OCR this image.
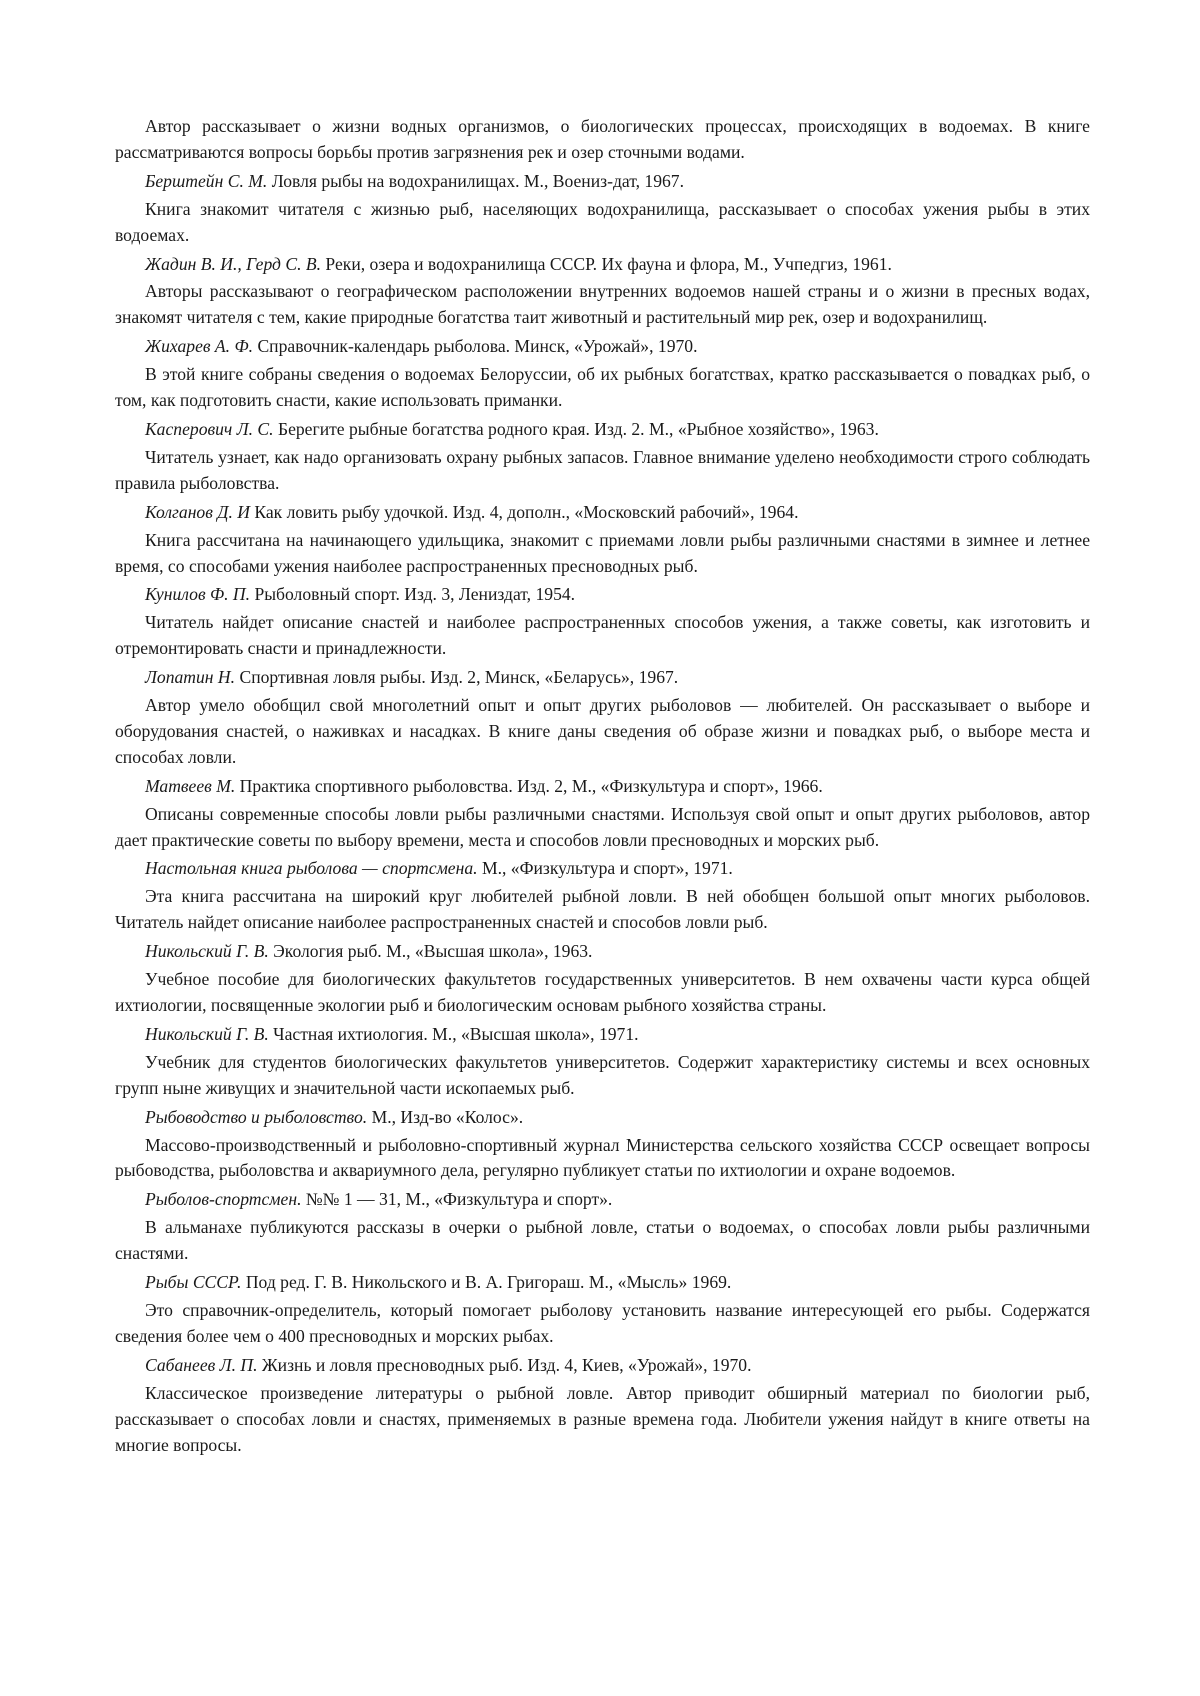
Автор рассказывает о жизни водных организмов, о биологических процессах, происходящих в водоемах. В книге рассматриваются вопросы борьбы против загрязнения рек и озер сточными водами.

Берштейн С. М. Ловля рыбы на водохранилищах. М., Воениз-дат, 1967.

Книга знакомит читателя с жизнью рыб, населяющих водохранилища, рассказывает о способах ужения рыбы в этих водоемах.

Жадин В. И., Герд С. В. Реки, озера и водохранилища СССР. Их фауна и флора, М., Учпедгиз, 1961.

Авторы рассказывают о географическом расположении внутренних водоемов нашей страны и о жизни в пресных водах, знакомят читателя с тем, какие природные богатства таит животный и растительный мир рек, озер и водохранилищ.

Жихарев А. Ф. Справочник-календарь рыболова. Минск, «Урожай», 1970.

В этой книге собраны сведения о водоемах Белоруссии, об их рыбных богатствах, кратко рассказывается о повадках рыб, о том, как подготовить снасти, какие использовать приманки.

Касперович Л. С. Берегите рыбные богатства родного края. Изд. 2. М., «Рыбное хозяйство», 1963.

Читатель узнает, как надо организовать охрану рыбных запасов. Главное внимание уделено необходимости строго соблюдать правила рыболовства.

Колганов Д. И Как ловить рыбу удочкой. Изд. 4, дополн., «Московский рабочий», 1964.

Книга рассчитана на начинающего удильщика, знакомит с приемами ловли рыбы различными снастями в зимнее и летнее время, со способами ужения наиболее распространенных пресноводных рыб.

Кунилов Ф. П. Рыболовный спорт. Изд. 3, Лениздат, 1954.

Читатель найдет описание снастей и наиболее распространенных способов ужения, а также советы, как изготовить и отремонтировать снасти и принадлежности.

Лопатин Н. Спортивная ловля рыбы. Изд. 2, Минск, «Беларусь», 1967.

Автор умело обобщил свой многолетний опыт и опыт других рыболовов — любителей. Он рассказывает о выборе и оборудования снастей, о наживках и насадках. В книге даны сведения об образе жизни и повадках рыб, о выборе места и способах ловли.

Матвеев М. Практика спортивного рыболовства. Изд. 2, М., «Физкультура и спорт», 1966.

Описаны современные способы ловли рыбы различными снастями. Используя свой опыт и опыт других рыболовов, автор дает практические советы по выбору времени, места и способов ловли пресноводных и морских рыб.

Настольная книга рыболова — спортсмена. М., «Физкультура и спорт», 1971.

Эта книга рассчитана на широкий круг любителей рыбной ловли. В ней обобщен большой опыт многих рыболовов. Читатель найдет описание наиболее распространенных снастей и способов ловли рыб.

Никольский Г. В. Экология рыб. М., «Высшая школа», 1963.

Учебное пособие для биологических факультетов государственных университетов. В нем охвачены части курса общей ихтиологии, посвященные экологии рыб и биологическим основам рыбного хозяйства страны.

Никольский Г. В. Частная ихтиология. М., «Высшая школа», 1971.

Учебник для студентов биологических факультетов университетов. Содержит характеристику системы и всех основных групп ныне живущих и значительной части ископаемых рыб.

Рыбоводство и рыболовство. М., Изд-во «Колос».

Массово-производственный и рыболовно-спортивный журнал Министерства сельского хозяйства СССР освещает вопросы рыбоводства, рыболовства и аквариумного дела, регулярно публикует статьи по ихтиологии и охране водоемов.

Рыболов-спортсмен. №№ 1 — 31, М., «Физкультура и спорт».

В альманахе публикуются рассказы в очерки о рыбной ловле, статьи о водоемах, о способах ловли рыбы различными снастями.

Рыбы СССР. Под ред. Г. В. Никольского и В. А. Григораш. М., «Мысль» 1969.

Это справочник-определитель, который помогает рыболову установить название интересующей его рыбы. Содержатся сведения более чем о 400 пресноводных и морских рыбах.

Сабанеев Л. П. Жизнь и ловля пресноводных рыб. Изд. 4, Киев, «Урожай», 1970.

Классическое произведение литературы о рыбной ловле. Автор приводит обширный материал по биологии рыб, рассказывает о способах ловли и снастях, применяемых в разные времена года. Любители ужения найдут в книге ответы на многие вопросы.
